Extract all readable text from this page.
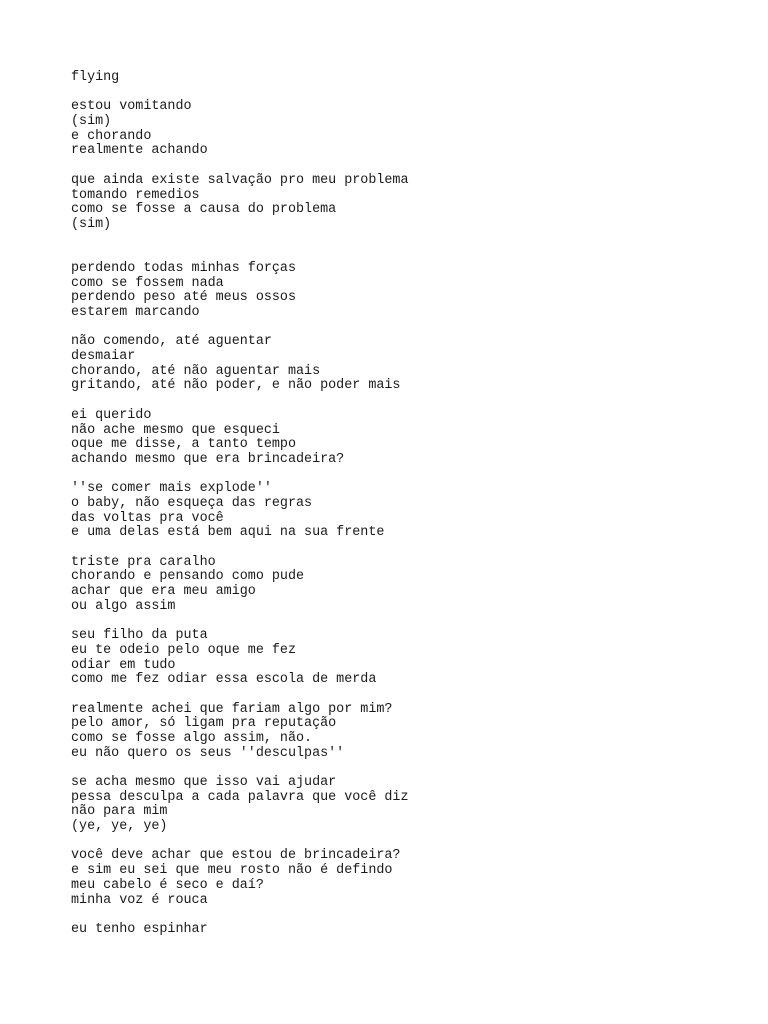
flying
estou vomitando
(sim)
e chorando
realmente achando
que ainda existe salvação pro meu problema
tomando remedios
como se fosse a causa do problema
(sim)
perdendo todas minhas forças
como se fossem nada
perdendo peso até meus ossos
estarem marcando
não comendo, até aguentar
desmaiar
chorando, até não aguentar mais
gritando, até não poder, e não poder mais
ei querido
não ache mesmo que esqueci
oque me disse, a tanto tempo
achando mesmo que era brincadeira?
''se comer mais explode''
o baby, não esqueça das regras
das voltas pra você
e uma delas está bem aqui na sua frente
triste pra caralho
chorando e pensando como pude
achar que era meu amigo
ou algo assim
seu filho da puta
eu te odeio pelo oque me fez
odiar em tudo
como me fez odiar essa escola de merda
realmente achei que fariam algo por mim?
pelo amor, só ligam pra reputação
como se fosse algo assim, não.
eu não quero os seus ''desculpas''
se acha mesmo que isso vai ajudar
pessa desculpa a cada palavra que você diz
não para mim
(ye, ye, ye)
você deve achar que estou de brincadeira?
e sim eu sei que meu rosto não é defindo
meu cabelo é seco e daí?
minha voz é rouca
eu tenho espinhar
